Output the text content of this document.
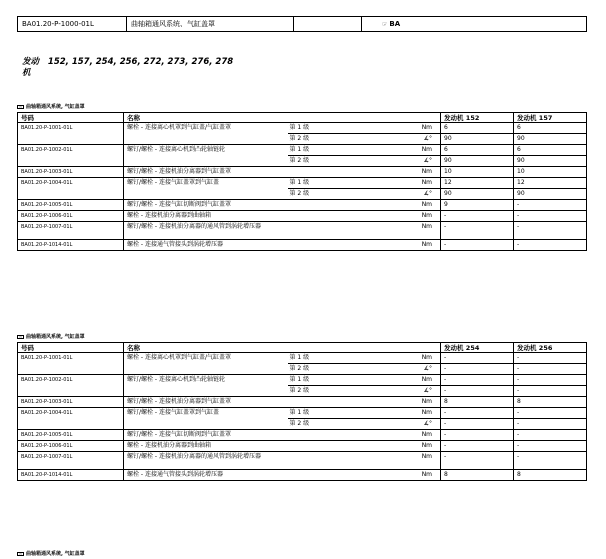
BA01.20-P-1000-01L	曲轴箱通风系统、气缸盖罩		☞ BA
发动 152, 157, 254, 256, 272, 273, 276, 278
机
▭ 曲轴箱通风系统, 气缸盖罩
号码	名称			发动机 152	发动机 157
BA01.20-P-1001-01L	螺栓 - 连接离心机罩到气缸盖/气缸盖罩	第 1 级	Nm	6	6
		第 2 级	∡°	90	90
BA01.20-P-1002-01L	螺钉/螺栓 - 连接离心机到凸轮轴链轮	第 1 级	Nm	6	6
		第 2 级	∡°	90	90
BA01.20-P-1003-01L	螺钉/螺栓 - 连接机油分离器到气缸盖罩		Nm	10	10
BA01.20-P-1004-01L	螺钉/螺栓 - 连接气缸盖罩到气缸盖	第 1 级	Nm	12	12
		第 2 级	∡°	90	90
BA01.20-P-1005-01L	螺钉/螺栓 - 连接气缸切断阀到气缸盖罩		Nm	9	-
BA01.20-P-1006-01L	螺栓 - 连接机油分离器到曲轴箱		Nm	-	-
BA01.20-P-1007-01L	螺钉/螺栓 - 连接机油分离器的通风管到涡轮增压器		Nm	-	-
BA01.20-P-1014-01L	螺栓 - 连接通气管接头到涡轮增压器		Nm	-	-
▭ 曲轴箱通风系统, 气缸盖罩
号码	名称			发动机 254	发动机 256
BA01.20-P-1001-01L	螺栓 - 连接离心机罩到气缸盖/气缸盖罩	第 1 级	Nm	-	-
		第 2 级	∡°	-	-
BA01.20-P-1002-01L	螺钉/螺栓 - 连接离心机到凸轮轴链轮	第 1 级	Nm	-	-
		第 2 级	∡°	-	-
BA01.20-P-1003-01L	螺钉/螺栓 - 连接机油分离器到气缸盖罩		Nm	8	8
BA01.20-P-1004-01L	螺钉/螺栓 - 连接气缸盖罩到气缸盖	第 1 级	Nm	-	-
		第 2 级	∡°	-	-
BA01.20-P-1005-01L	螺钉/螺栓 - 连接气缸切断阀到气缸盖罩		Nm	-	-
BA01.20-P-1006-01L	螺栓 - 连接机油分离器到曲轴箱		Nm	-	-
BA01.20-P-1007-01L	螺钉/螺栓 - 连接机油分离器的通风管到涡轮增压器		Nm	-	-
BA01.20-P-1014-01L	螺栓 - 连接通气管接头到涡轮增压器		Nm	8	8
▭ 曲轴箱通风系统, 气缸盖罩
